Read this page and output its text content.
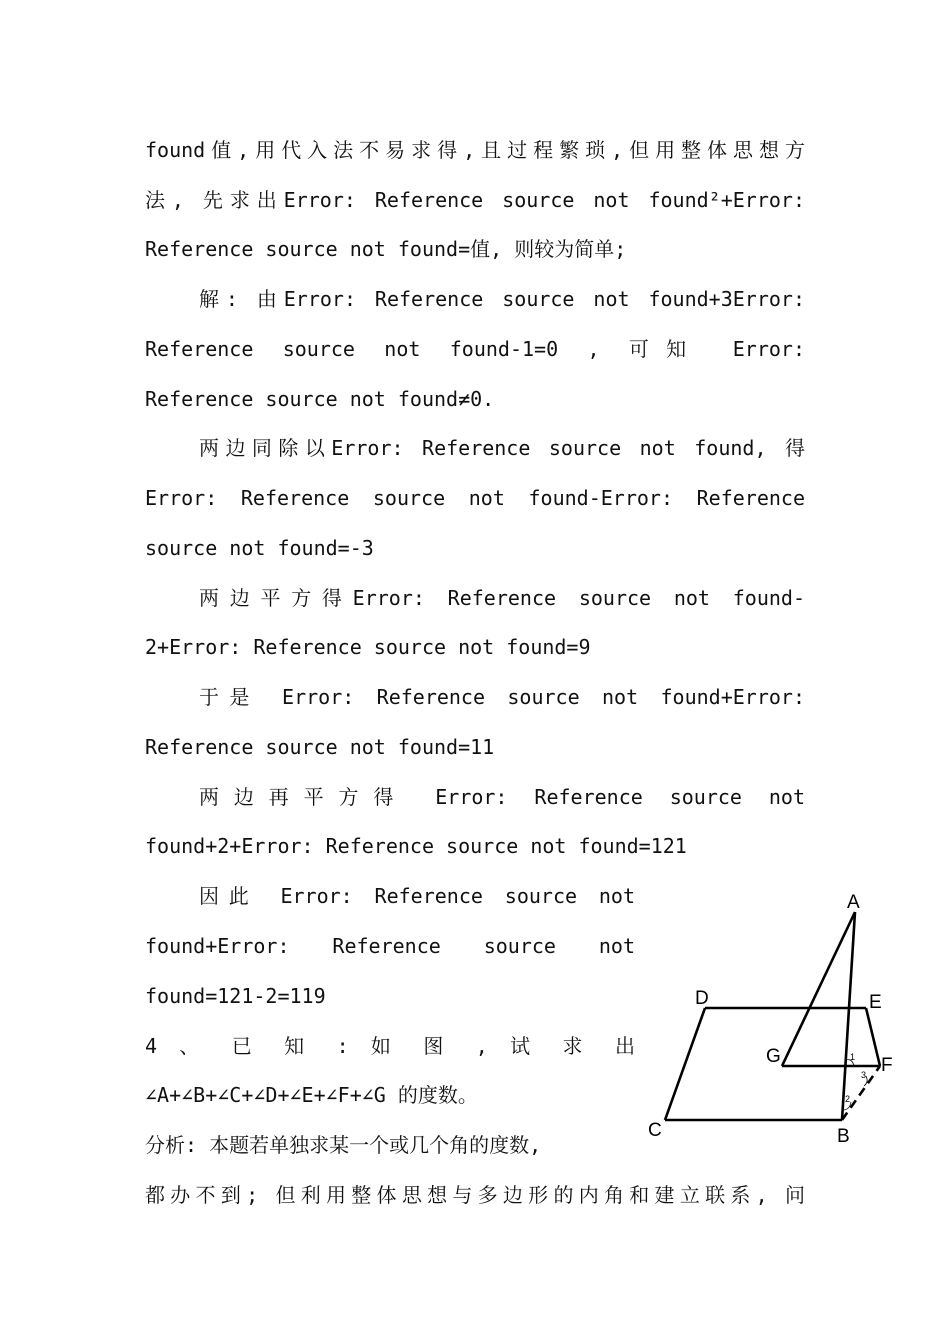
found值,用代入法不易求得,且过程繁琐,但用整体思想方
法, 先求出Error: Reference source not found²+Error:
Reference source not found=值, 则较为简单;
解: 由Error: Reference source not found+3Error:
Reference source not found-1=0 , 可知 Error:
Reference source not found≠0.
两边同除以Error: Reference source not found, 得
Error: Reference source not found-Error: Reference
source not found=-3
两边平方得Error: Reference source not found-
2+Error: Reference source not found=9
于是 Error: Reference source not found+Error:
Reference source not found=11
两边再平方得 Error: Reference source not
found+2+Error: Reference source not found=121
因此 Error: Reference source not
found+Error: Reference source not
found=121-2=119
4 、 已 知 : 如 图 , 试 求 出
∠A+∠B+∠C+∠D+∠E+∠F+∠G 的度数。
分析: 本题若单独求某一个或几个角的度数,
都办不到; 但利用整体思想与多边形的内角和建立联系, 问
A
D	E
G	F
C	B
1
2
3
